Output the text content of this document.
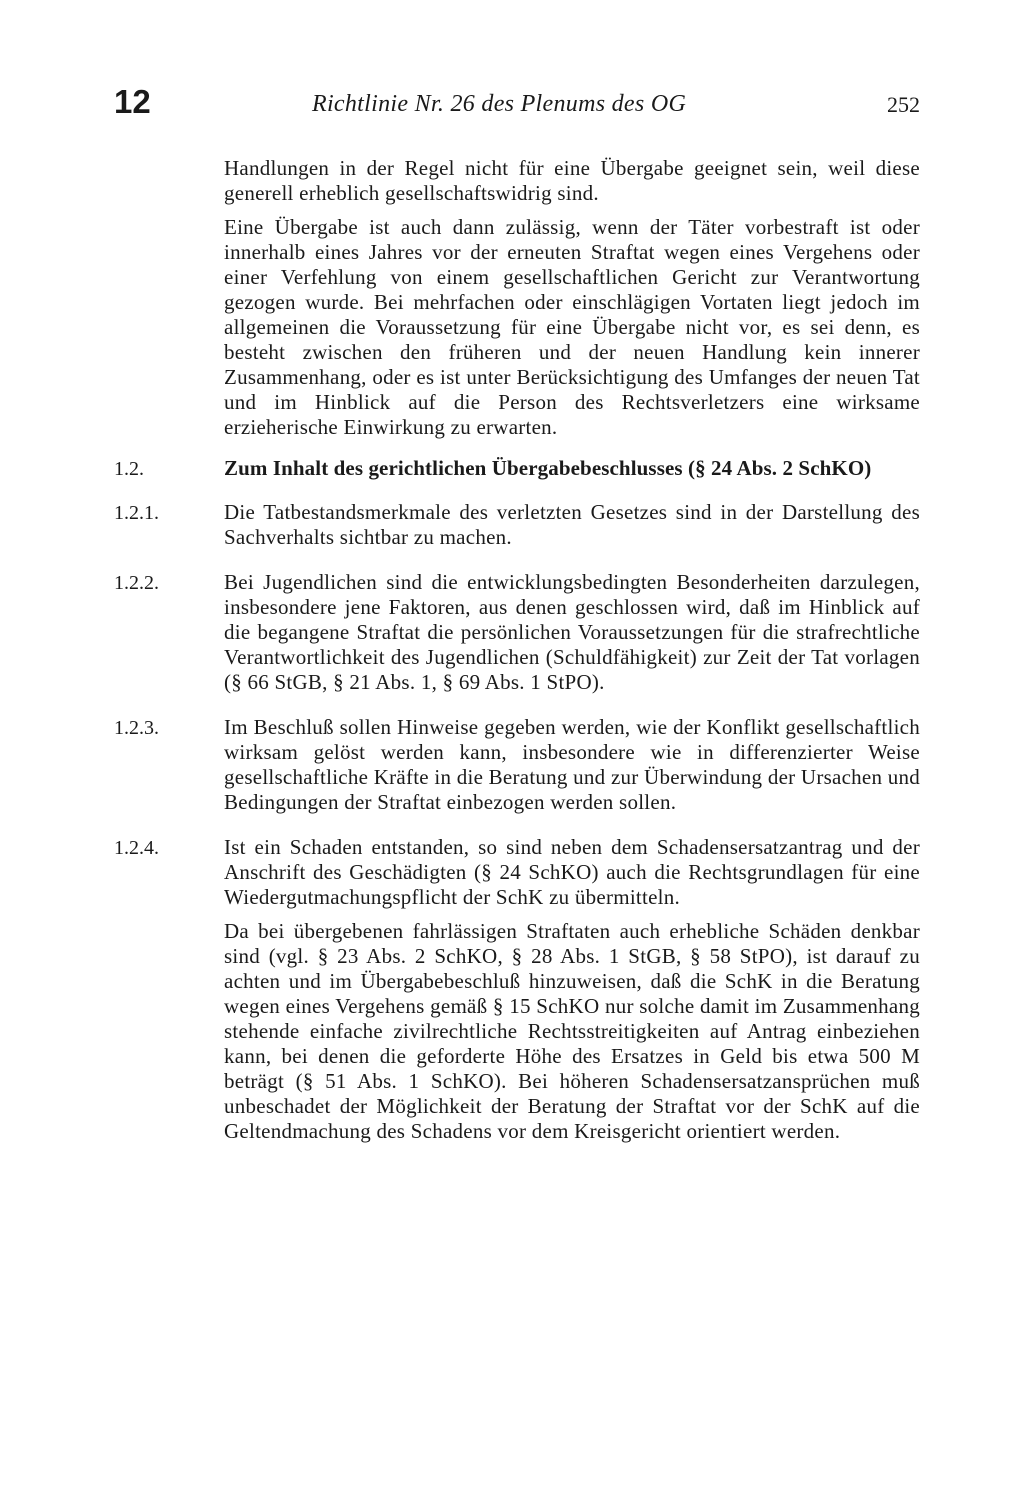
12	Richtlinie Nr. 26 des Plenums des OG	252

Handlungen in der Regel nicht für eine Übergabe geeignet sein, weil diese generell erheblich gesellschaftswidrig sind.

Eine Übergabe ist auch dann zulässig, wenn der Täter vorbestraft ist oder innerhalb eines Jahres vor der erneuten Straftat wegen eines Vergehens oder einer Verfehlung von einem gesellschaftlichen Gericht zur Verantwortung gezogen wurde. Bei mehrfachen oder einschlägigen Vortaten liegt jedoch im allgemeinen die Voraussetzung für eine Übergabe nicht vor, es sei denn, es besteht zwischen den früheren und der neuen Handlung kein innerer Zusammenhang, oder es ist unter Berücksichtigung des Umfanges der neuen Tat und im Hinblick auf die Person des Rechtsverletzers eine wirksame erzieherische Einwirkung zu erwarten.

1.2.	Zum Inhalt des gerichtlichen Übergabebeschlusses (§ 24 Abs. 2 SchKO)

1.2.1.	Die Tatbestandsmerkmale des verletzten Gesetzes sind in der Darstellung des Sachverhalts sichtbar zu machen.

1.2.2.	Bei Jugendlichen sind die entwicklungsbedingten Besonderheiten darzulegen, insbesondere jene Faktoren, aus denen geschlossen wird, daß im Hinblick auf die begangene Straftat die persönlichen Voraussetzungen für die strafrechtliche Verantwortlichkeit des Jugendlichen (Schuldfähigkeit) zur Zeit der Tat vorlagen (§ 66 StGB, § 21 Abs. 1, § 69 Abs. 1 StPO).

1.2.3.	Im Beschluß sollen Hinweise gegeben werden, wie der Konflikt gesellschaftlich wirksam gelöst werden kann, insbesondere wie in differenzierter Weise gesellschaftliche Kräfte in die Beratung und zur Überwindung der Ursachen und Bedingungen der Straftat einbezogen werden sollen.

1.2.4.	Ist ein Schaden entstanden, so sind neben dem Schadensersatzantrag und der Anschrift des Geschädigten (§ 24 SchKO) auch die Rechtsgrundlagen für eine Wiedergutmachungspflicht der SchK zu übermitteln.

Da bei übergebenen fahrlässigen Straftaten auch erhebliche Schäden denkbar sind (vgl. § 23 Abs. 2 SchKO, § 28 Abs. 1 StGB, § 58 StPO), ist darauf zu achten und im Übergabebeschluß hinzuweisen, daß die SchK in die Beratung wegen eines Vergehens gemäß § 15 SchKO nur solche damit im Zusammenhang stehende einfache zivilrechtliche Rechtsstreitigkeiten auf Antrag einbeziehen kann, bei denen die geforderte Höhe des Ersatzes in Geld bis etwa 500 M beträgt (§ 51 Abs. 1 SchKO). Bei höheren Schadensersatzansprüchen muß unbeschadet der Möglichkeit der Beratung der Straftat vor der SchK auf die Geltendmachung des Schadens vor dem Kreisgericht orientiert werden.
